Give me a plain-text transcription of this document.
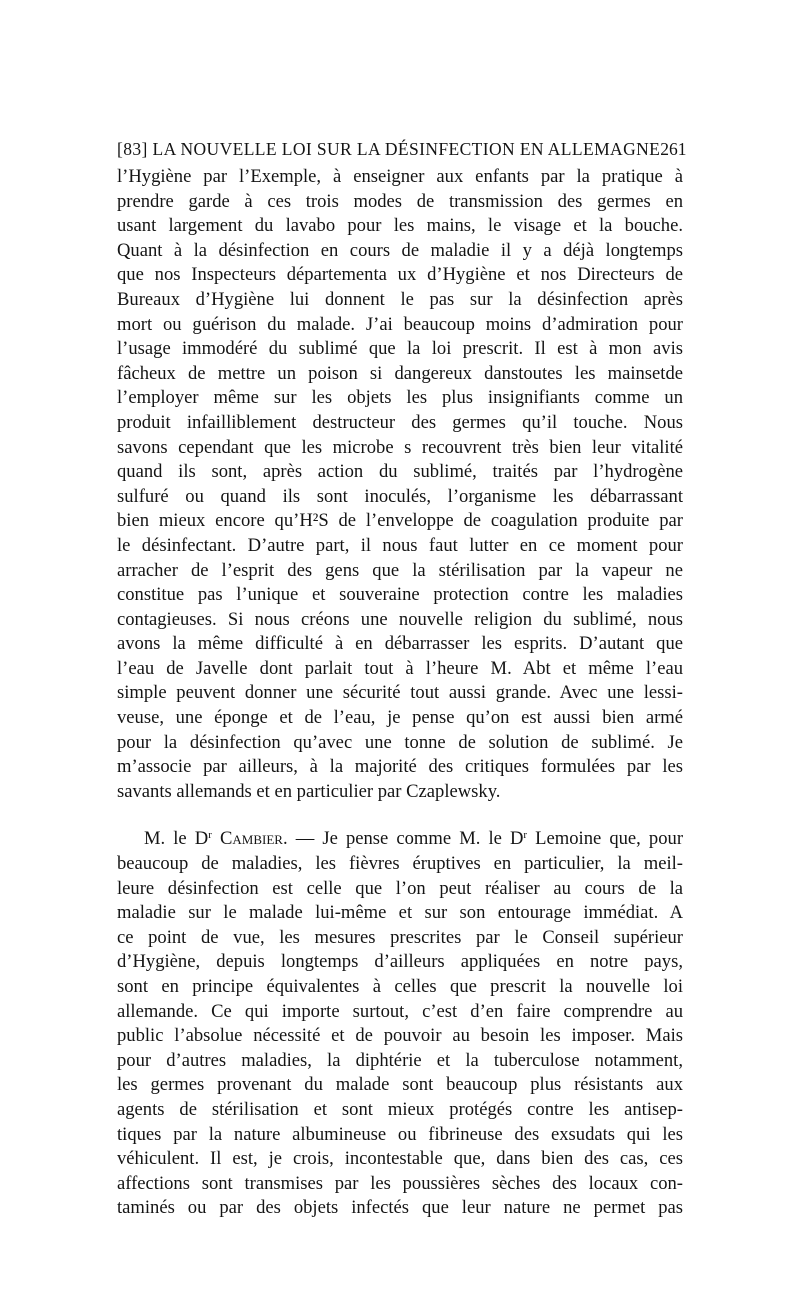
[83] LA NOUVELLE LOI SUR LA DÉSINFECTION EN ALLEMAGNE 261
l’Hygiène par l’Exemple, à enseigner aux enfants par la pratique à
prendre garde à ces trois modes de transmission des germes en
usant largement du lavabo pour les mains, le visage et la bouche.
Quant à la désinfection en cours de maladie il y a déjà longtemps
que nos Inspecteurs départementa ux d’Hygiène et nos Directeurs de
Bureaux d’Hygiène lui donnent le pas sur la désinfection après
mort ou guérison du malade. J’ai beaucoup moins d’admiration pour
l’usage immodéré du sublimé que la loi prescrit. Il est à mon avis
fâcheux de mettre un poison si dangereux danstoutes les mainsetde
l’employer même sur les objets les plus insignifiants comme un
produit infailliblement destructeur des germes qu’il touche. Nous
savons cependant que les microbe s recouvrent très bien leur vitalité
quand ils sont, après action du sublimé, traités par l’hydrogène
sulfuré ou quand ils sont inoculés, l’organisme les débarrassant
bien mieux encore qu’H²S de l’enveloppe de coagulation produite par
le désinfectant. D’autre part, il nous faut lutter en ce moment pour
arracher de l’esprit des gens que la stérilisation par la vapeur ne
constitue pas l’unique et souveraine protection contre les maladies
contagieuses. Si nous créons une nouvelle religion du sublimé, nous
avons la même difficulté à en débarrasser les esprits. D’autant que
l’eau de Javelle dont parlait tout à l’heure M. Abt et même l’eau
simple peuvent donner une sécurité tout aussi grande. Avec une lessi-
veuse, une éponge et de l’eau, je pense qu’on est aussi bien armé
pour la désinfection qu’avec une tonne de solution de sublimé. Je
m’associe par ailleurs, à la majorité des critiques formulées par les
savants allemands et en particulier par Czaplewsky.
M. le $D^r$ Cambier. — Je pense comme M. le $D^r$ Lemoine que, pour
beaucoup de maladies, les fièvres éruptives en particulier, la meil-
leure désinfection est celle que l’on peut réaliser au cours de la
maladie sur le malade lui-même et sur son entourage immédiat. A
ce point de vue, les mesures prescrites par le Conseil supérieur
d’Hygiène, depuis longtemps d’ailleurs appliquées en notre pays,
sont en principe équivalentes à celles que prescrit la nouvelle loi
allemande. Ce qui importe surtout, c’est d’en faire comprendre au
public l’absolue nécessité et de pouvoir au besoin les imposer. Mais
pour d’autres maladies, la diphtérie et la tuberculose notamment,
les germes provenant du malade sont beaucoup plus résistants aux
agents de stérilisation et sont mieux protégés contre les antisep-
tiques par la nature albumineuse ou fibrineuse des exsudats qui les
véhiculent. Il est, je crois, incontestable que, dans bien des cas, ces
affections sont transmises par les poussières sèches des locaux con-
taminés ou par des objets infectés que leur nature ne permet pas
